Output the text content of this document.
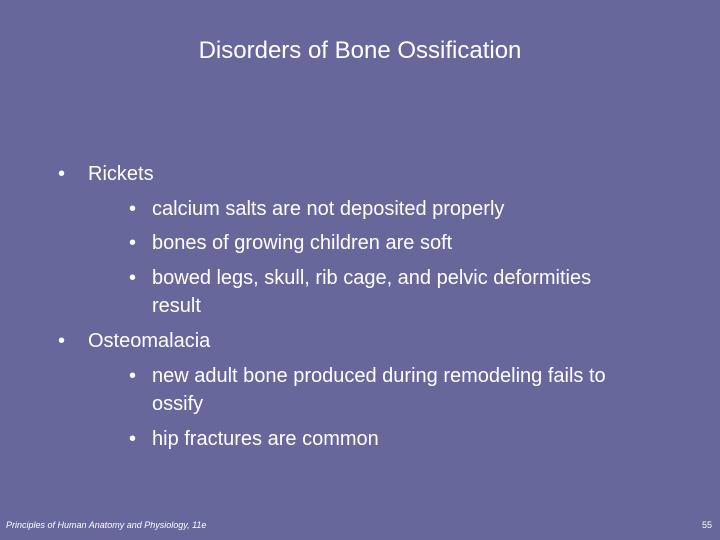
Disorders of Bone Ossification
• Rickets
• calcium salts are not deposited properly
• bones of growing children are soft
• bowed legs, skull, rib cage, and pelvic deformities
result
• Osteomalacia
• new adult bone produced during remodeling fails to
ossify
• hip fractures are common
Principles of Human Anatomy and Physiology, 11e	55
